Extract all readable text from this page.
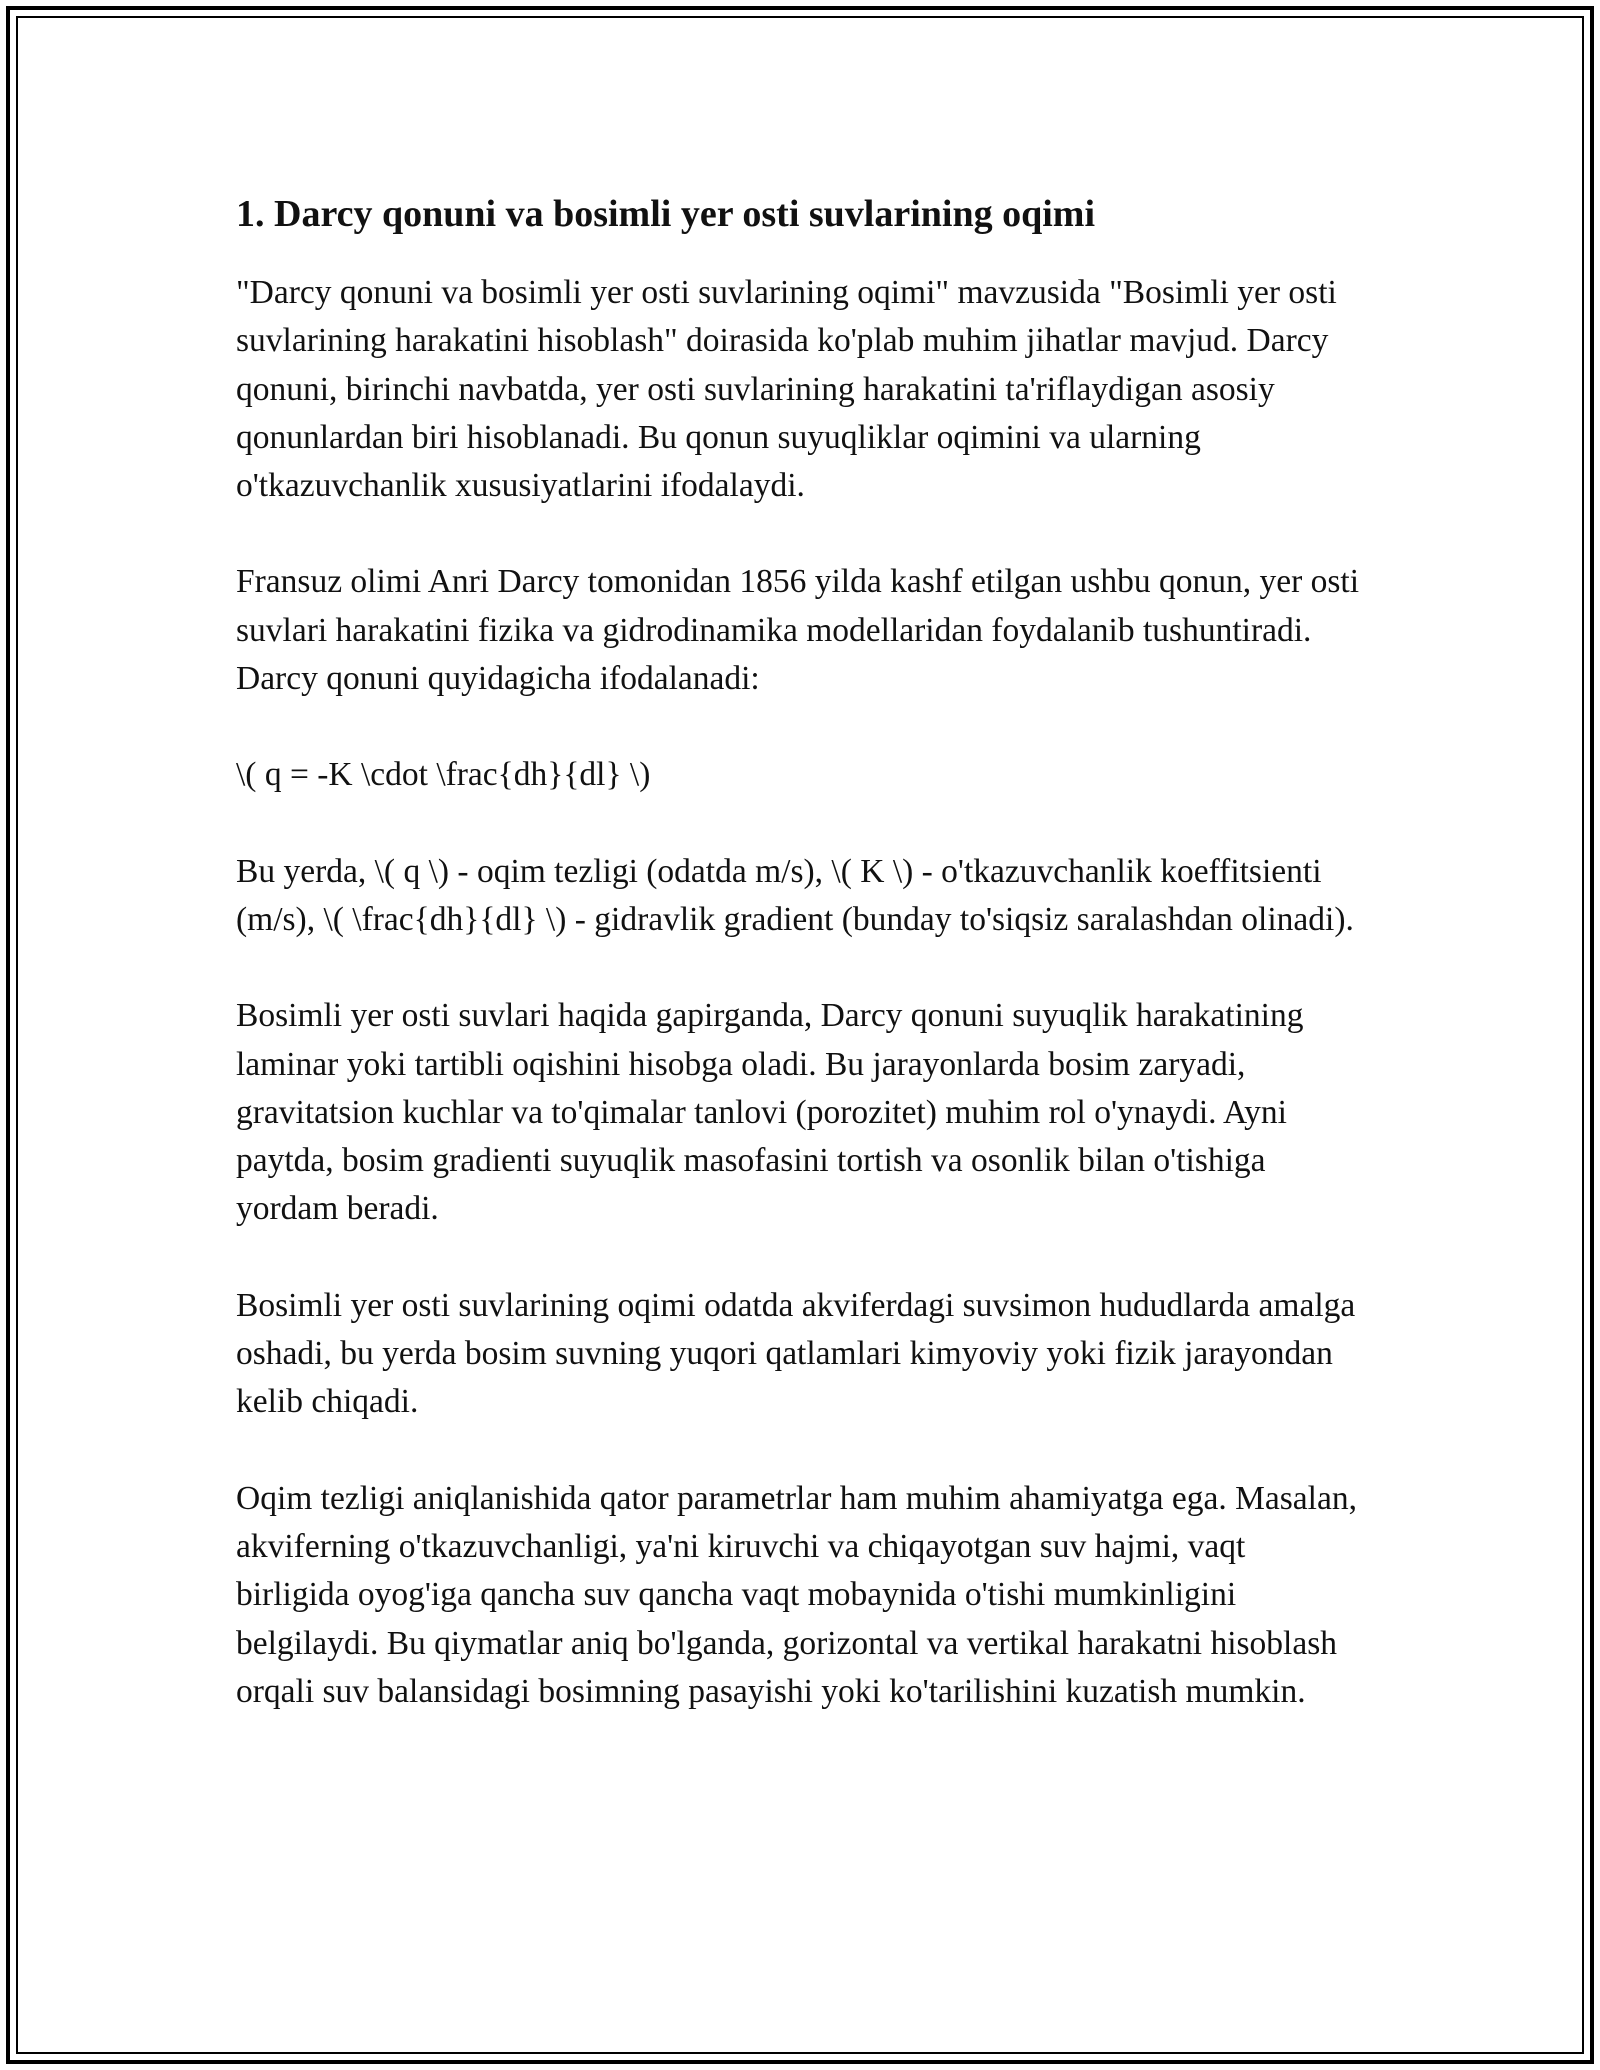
1. Darcy qonuni va bosimli yer osti suvlarining oqimi

"Darcy qonuni va bosimli yer osti suvlarining oqimi" mavzusida "Bosimli yer osti suvlarining harakatini hisoblash" doirasida ko'plab muhim jihatlar mavjud. Darcy qonuni, birinchi navbatda, yer osti suvlarining harakatini ta'riflaydigan asosiy qonunlardan biri hisoblanadi. Bu qonun suyuqliklar oqimini va ularning o'tkazuvchanlik xususiyatlarini ifodalaydi.

Fransuz olimi Anri Darcy tomonidan 1856 yilda kashf etilgan ushbu qonun, yer osti suvlari harakatini fizika va gidrodinamika modellaridan foydalanib tushuntiradi. Darcy qonuni quyidagicha ifodalanadi:

\( q = -K \cdot \frac{dh}{dl} \)

Bu yerda, \( q \) - oqim tezligi (odatda m/s), \( K \) - o'tkazuvchanlik koeffitsienti (m/s), \( \frac{dh}{dl} \) - gidravlik gradient (bunday to'siqsiz saralashdan olinadi).

Bosimli yer osti suvlari haqida gapirganda, Darcy qonuni suyuqlik harakatining laminar yoki tartibli oqishini hisobga oladi. Bu jarayonlarda bosim zaryadi, gravitatsion kuchlar va to'qimalar tanlovi (porozitet) muhim rol o'ynaydi. Ayni paytda, bosim gradienti suyuqlik masofasini tortish va osonlik bilan o'tishiga yordam beradi.

Bosimli yer osti suvlarining oqimi odatda akviferdagi suvsimon hududlarda amalga oshadi, bu yerda bosim suvning yuqori qatlamlari kimyoviy yoki fizik jarayondan kelib chiqadi.

Oqim tezligi aniqlanishida qator parametrlar ham muhim ahamiyatga ega. Masalan, akviferning o'tkazuvchanligi, ya'ni kiruvchi va chiqayotgan suv hajmi, vaqt birligida oyog'iga qancha suv qancha vaqt mobaynida o'tishi mumkinligini belgilaydi. Bu qiymatlar aniq bo'lganda, gorizontal va vertikal harakatni hisoblash orqali suv balansidagi bosimning pasayishi yoki ko'tarilishini kuzatish mumkin.
